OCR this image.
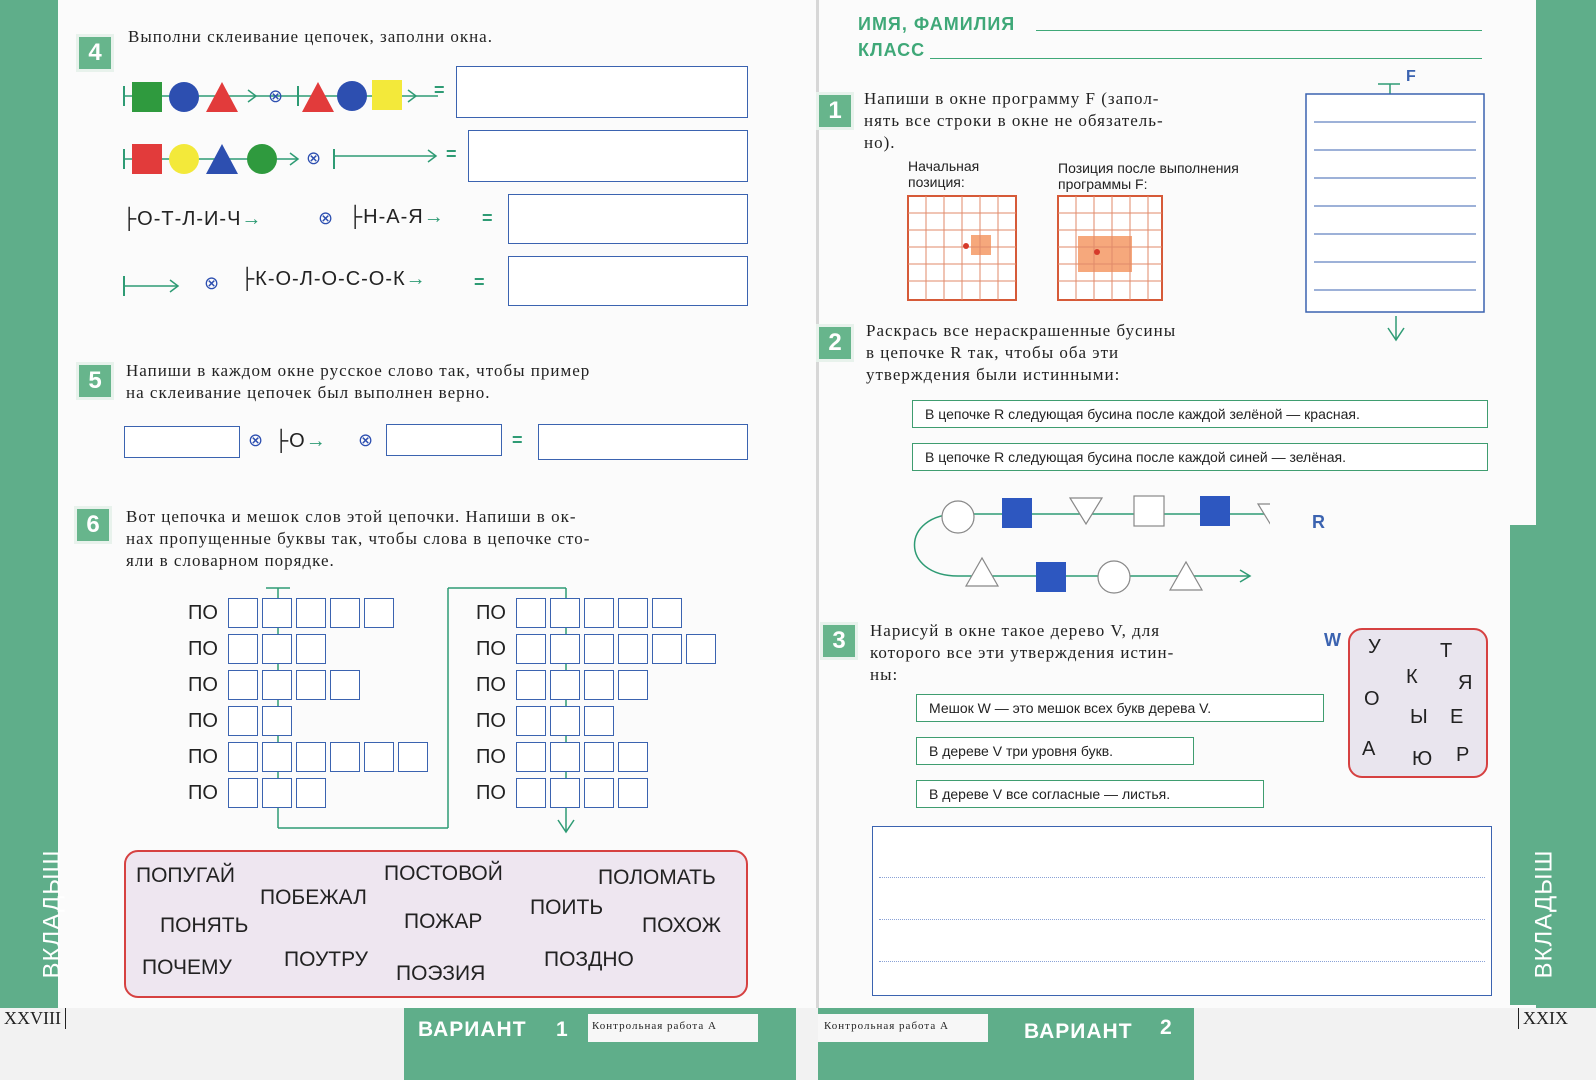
ВКЛАДЫШ	ВКЛАДЫШ
4
Выполни склеивание цепочек, заполни окна.
⊗
⊗
=
=
├О-Т-Л-И-Ч→	⊗ ├Н-А-Я→ =
⊗ ├К-О-Л-О-С-О-К→	=
5	Напиши в каждом окне русское слово так, чтобы пример
на склеивание цепочек был выполнен верно.
⊗ ├О→ ⊗	=
6	Вот цепочка и мешок слов этой цепочки. Напиши в ок-
нах пропущенные буквы так, чтобы слова в цепочке сто-
яли в словарном порядке.
ПО
ПО
ПО
ПО
ПО
ПО
ПО
ПО
ПО
ПО
ПО
ПО
ПОПУГАЙ
ПОБЕЖАЛ
ПОСТОВОЙ	ПОЛОМАТЬ
ПОНЯТЬ	ПОЖАР
ПОИТЬ
ПОХОЖ
ПОЧЕМУ ПОУТРУ
ПОЭЗИЯ
ПОЗДНО
ИМЯ, ФАМИЛИЯ
КЛАСС
1	Напиши в окне программу F (запол-
нять все строки в окне не обязатель-
но).
Начальная
позиция:
Позиция после выполнения
программы F:
F
2	Раскрась все нераскрашенные бусины
в цепочке R так, чтобы оба эти
утверждения были истинными:
В цепочке R следующая бусина после каждой зелёной — красная.
В цепочке R следующая бусина после каждой синей — зелёная.
R
3	Нарисуй в окне такое дерево V, для
которого все эти утверждения истин-
ны:
Мешок W — это мешок всех букв дерева V.
В дереве V три уровня букв.
В дереве V все согласные — листья.
W У	Т
К Я
О
Ы Е
А Ю Р
ВАРИАНТ 1 Контрольная работа А	Контрольная работа А	ВАРИАНТ 2
XXVIII	XXIX
